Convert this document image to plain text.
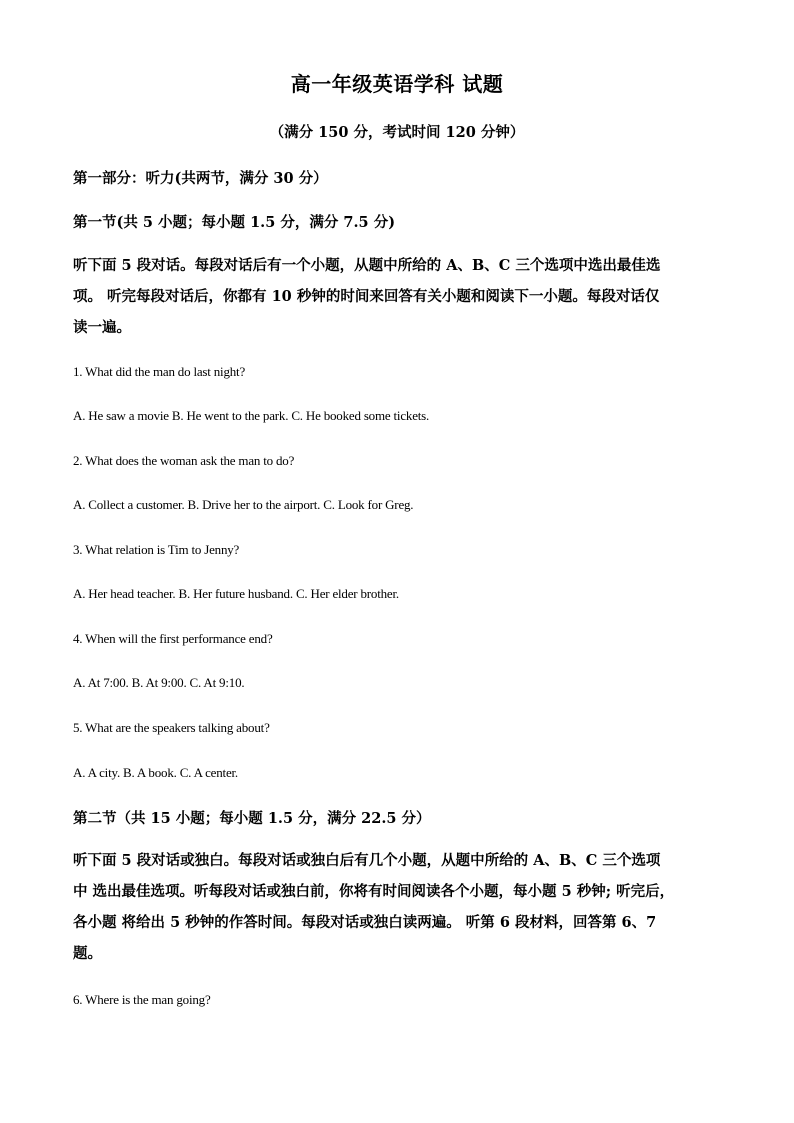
高一年级英语学科 试题
（满分 150 分，考试时间 120 分钟）
第一部分：听力(共两节，满分 30 分）
第一节(共 5 小题；每小题 1.5 分，满分 7.5 分)
听下面 5 段对话。每段对话后有一个小题，从题中所给的 A、B、C 三个选项中选出最佳选
项。 听完每段对话后，你都有 10 秒钟的时间来回答有关小题和阅读下一小题。每段对话仅
读一遍。
1. What did the man do last night?
A. He saw a movie B. He went to the park. C. He booked some tickets.
2. What does the woman ask the man to do?
A. Collect a customer. B. Drive her to the airport. C. Look for Greg.
3. What relation is Tim to Jenny?
A. Her head teacher. B. Her future husband. C. Her elder brother.
4. When will the first performance end?
A. At 7:00. B. At 9:00. C. At 9:10.
5. What are the speakers talking about?
A. A city. B. A book. C. A center.
第二节（共 15 小题；每小题 1.5 分，满分 22.5 分）
听下面 5 段对话或独白。每段对话或独白后有几个小题，从题中所给的 A、B、C 三个选项
中 选出最佳选项。听每段对话或独白前，你将有时间阅读各个小题，每小题 5 秒钟; 听完后，
各小题 将给出 5 秒钟的作答时间。每段对话或独白读两遍。 听第 6 段材料，回答第 6、7
题。
6. Where is the man going?
